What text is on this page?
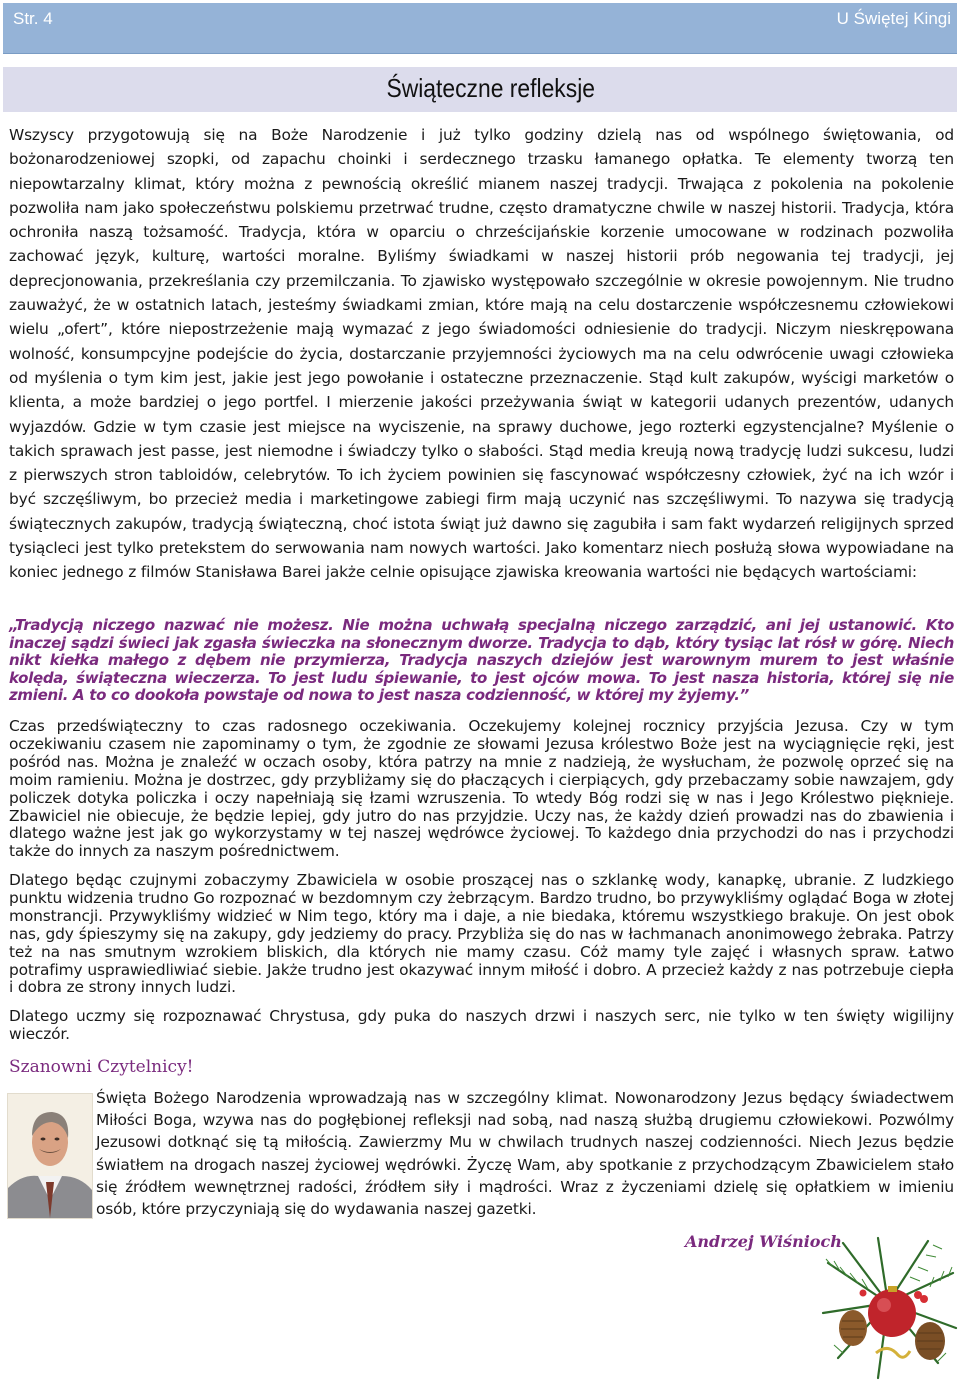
Str. 4	U Świętej Kingi
Świąteczne refleksje

Wszyscy przygotowują się na Boże Narodzenie i już tylko godziny dzielą nas od wspólnego świętowania, od bożonarodzeniowej szopki, od zapachu choinki i serdecznego trzasku łamanego opłatka. Te elementy tworzą ten niepowtarzalny klimat, który można z pewnością określić mianem naszej tradycji. Trwająca z pokolenia na pokolenie pozwoliła nam jako społeczeństwu polskiemu przetrwać trudne, często dramatyczne chwile w naszej historii. Tradycja, która ochroniła naszą tożsamość. Tradycja, która w oparciu o chrześcijańskie korzenie umocowane w rodzinach pozwoliła zachować język, kulturę, wartości moralne. Byliśmy świadkami w naszej historii prób negowania tej tradycji, jej deprecjonowania, przekreślania czy przemilczania. To zjawisko występowało szczególnie w okresie powojennym. Nie trudno zauważyć, że w ostatnich latach, jesteśmy świadkami zmian, które mają na celu dostarczenie współczesnemu człowiekowi wielu „ofert”, które niepostrzeżenie mają wymazać z jego świadomości odniesienie do tradycji. Niczym nieskrępowana wolność, konsumpcyjne podejście do życia, dostarczanie przyjemności życiowych ma na celu odwrócenie uwagi człowieka od myślenia o tym kim jest, jakie jest jego powołanie i ostateczne przeznaczenie. Stąd kult zakupów, wyścigi marketów o klienta, a może bardziej o jego portfel. I mierzenie jakości przeżywania świąt w kategorii udanych prezentów, udanych wyjazdów. Gdzie w tym czasie jest miejsce na wyciszenie, na sprawy duchowe, jego rozterki egzystencjalne? Myślenie o takich sprawach jest passe, jest niemodne i świadczy tylko o słabości. Stąd media kreują nową tradycję ludzi sukcesu, ludzi z pierwszych stron tabloidów, celebrytów. To ich życiem powinien się fascynować współczesny człowiek, żyć na ich wzór i być szczęśliwym, bo przecież media i marketingowe zabiegi firm mają uczynić nas szczęśliwymi. To nazywa się tradycją świątecznych zakupów, tradycją świąteczną, choć istota świąt już dawno się zagubiła i sam fakt wydarzeń religijnych sprzed tysiącleci jest tylko pretekstem do serwowania nam nowych wartości. Jako komentarz niech posłużą słowa wypowiadane na koniec jednego z filmów Stanisława Barei jakże celnie opisujące zjawiska kreowania wartości nie będących wartościami:

„Tradycją niczego nazwać nie możesz. Nie można uchwałą specjalną niczego zarządzić, ani jej ustanowić. Kto inaczej sądzi świeci jak zgasła świeczka na słonecznym dworze. Tradycja to dąb, który tysiąc lat rósł w górę. Niech nikt kiełka małego z dębem nie przymierza, Tradycja naszych dziejów jest warownym murem to jest właśnie kolęda, świąteczna wieczerza. To jest ludu śpiewanie, to jest ojców mowa. To jest nasza historia, której się nie zmieni. A to co dookoła powstaje od nowa to jest nasza codzienność, w której my żyjemy.”

Czas przedświąteczny to czas radosnego oczekiwania. Oczekujemy kolejnej rocznicy przyjścia Jezusa. Czy w tym oczekiwaniu czasem nie zapominamy o tym, że zgodnie ze słowami Jezusa królestwo Boże jest na wyciągnięcie ręki, jest pośród nas. Można je znaleźć w oczach osoby, która patrzy na mnie z nadzieją, że wysłucham, że pozwolę oprzeć się na moim ramieniu. Można je dostrzec, gdy przybliżamy się do płaczących i cierpiących, gdy przebaczamy sobie nawzajem, gdy policzek dotyka policzka i oczy napełniają się łzami wzruszenia. To wtedy Bóg rodzi się w nas i Jego Królestwo pięknieje. Zbawiciel nie obiecuje, że będzie lepiej, gdy jutro do nas przyjdzie. Uczy nas, że każdy dzień prowadzi nas do zbawienia i dlatego ważne jest jak go wykorzystamy w tej naszej wędrówce życiowej. To każdego dnia przychodzi do nas i przychodzi także do innych za naszym pośrednictwem.

Dlatego będąc czujnymi zobaczymy Zbawiciela w osobie proszącej nas o szklankę wody, kanapkę, ubranie. Z ludzkiego punktu widzenia trudno Go rozpoznać w bezdomnym czy żebrzącym. Bardzo trudno, bo przywykliśmy oglądać Boga w złotej monstrancji. Przywykliśmy widzieć w Nim tego, który ma i daje, a nie biedaka, któremu wszystkiego brakuje. On jest obok nas, gdy śpieszymy się na zakupy, gdy jedziemy do pracy. Przybliża się do nas w łachmanach anonimowego żebraka. Patrzy też na nas smutnym wzrokiem bliskich, dla których nie mamy czasu. Cóż mamy tyle zajęć i własnych spraw. Łatwo potrafimy usprawiedliwiać siebie. Jakże trudno jest okazywać innym miłość i dobro. A przecież każdy z nas potrzebuje ciepła i dobra ze strony innych ludzi.

Dlatego uczmy się rozpoznawać Chrystusa, gdy puka do naszych drzwi i naszych serc, nie tylko w ten święty wigilijny wieczór.

Szanowni Czytelnicy!

Święta Bożego Narodzenia wprowadzają nas w szczególny klimat. Nowonarodzony Jezus będący świadectwem Miłości Boga, wzywa nas do pogłębionej refleksji nad sobą, nad naszą służbą drugiemu człowiekowi. Pozwólmy Jezusowi dotknąć się tą miłością. Zawierzmy Mu w chwilach trudnych naszej codzienności. Niech Jezus będzie światłem na drogach naszej życiowej wędrówki. Życzę Wam, aby spotkanie z przychodzącym Zbawicielem stało się źródłem wewnętrznej radości, źródłem siły i mądrości. Wraz z życzeniami dzielę się opłatkiem w imieniu osób, które przyczyniają się do wydawania naszej gazetki.

Andrzej Wiśnioch
